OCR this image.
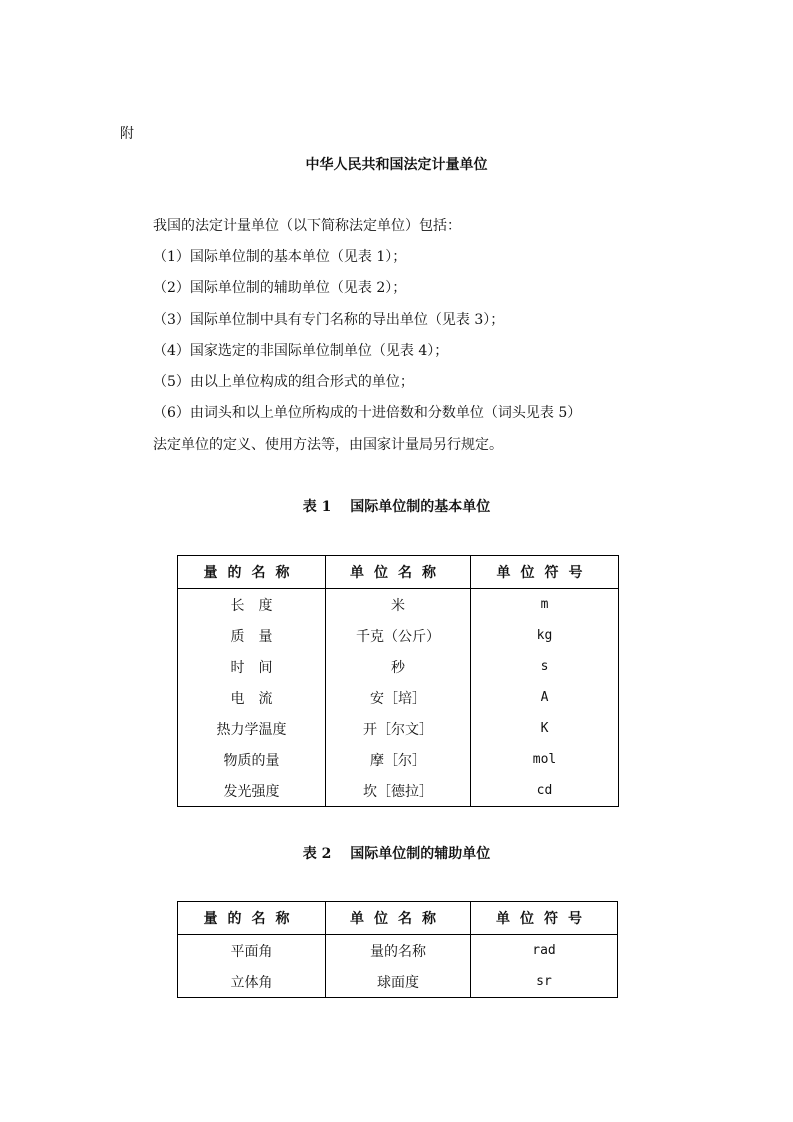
附
中华人民共和国法定计量单位
我国的法定计量单位（以下简称法定单位）包括：
（1）国际单位制的基本单位（见表 1）；
（2）国际单位制的辅助单位（见表 2）；
（3）国际单位制中具有专门名称的导出单位（见表 3）；
（4）国家选定的非国际单位制单位（见表 4）；
（5）由以上单位构成的组合形式的单位；
（6）由词头和以上单位所构成的十进倍数和分数单位（词头见表 5）
法定单位的定义、使用方法等，由国家计量局另行规定。
表 1　 国际单位制的基本单位
量的名称	单位名称	单位符号
长　度	米	m
质　量	千克（公斤）	kg
时　间	秒	s
电　流	安［培］	A
热力学温度	开［尔文］	K
物质的量	摩［尔］	mol
发光强度	坎［德拉］	cd
表 2　 国际单位制的辅助单位
量的名称	单位名称	单位符号
平面角	量的名称	rad
立体角	球面度	sr
